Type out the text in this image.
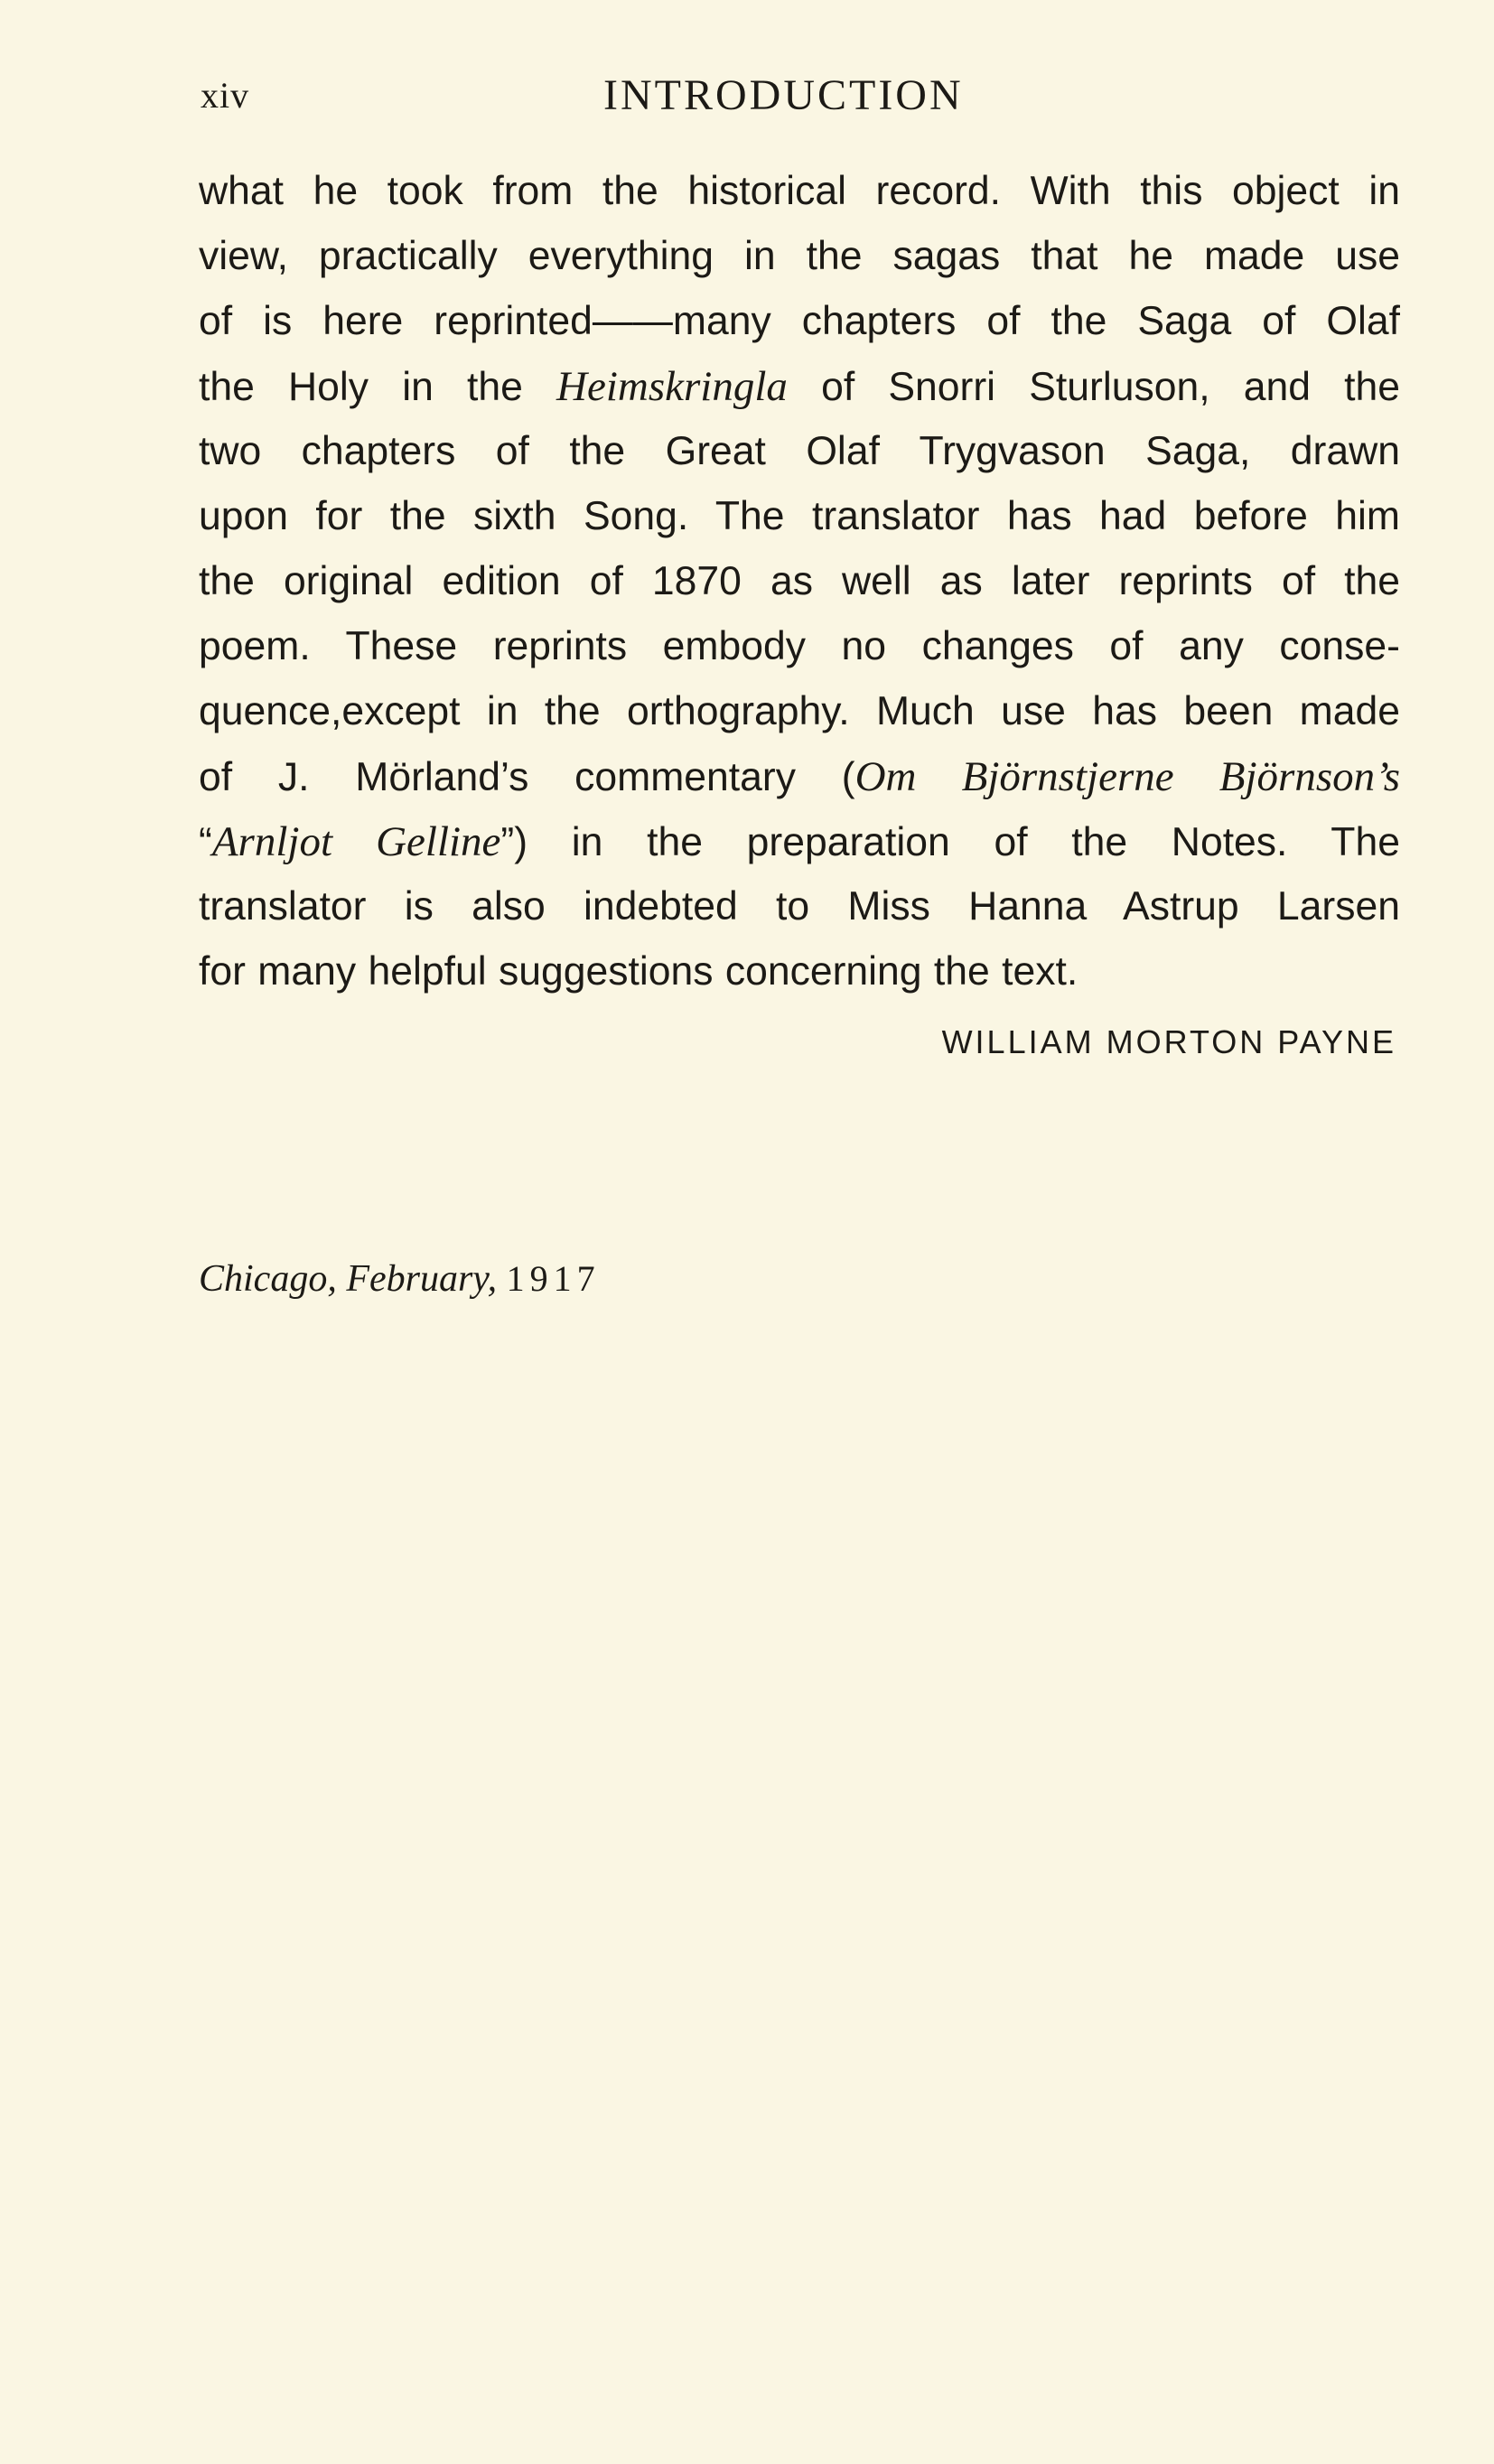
xiv	INTRODUCTION
what he took from the historical record. With this object in
view, practically everything in the sagas that he made use
of is here reprinted——many chapters of the Saga of Olaf
the Holy in the Heimskringla of Snorri Sturluson, and the
two chapters of the Great Olaf Trygvason Saga, drawn
upon for the sixth Song. The translator has had before him
the original edition of 1870 as well as later reprints of the
poem. These reprints embody no changes of any conse-
quence,except in the orthography. Much use has been made
of J. Mörland’s commentary (Om Björnstjerne Björnson’s
“Arnljot Gelline”) in the preparation of the Notes. The
translator is also indebted to Miss Hanna Astrup Larsen
for many helpful suggestions concerning the text.
WILLIAM MORTON PAYNE
Chicago, February, 1917
